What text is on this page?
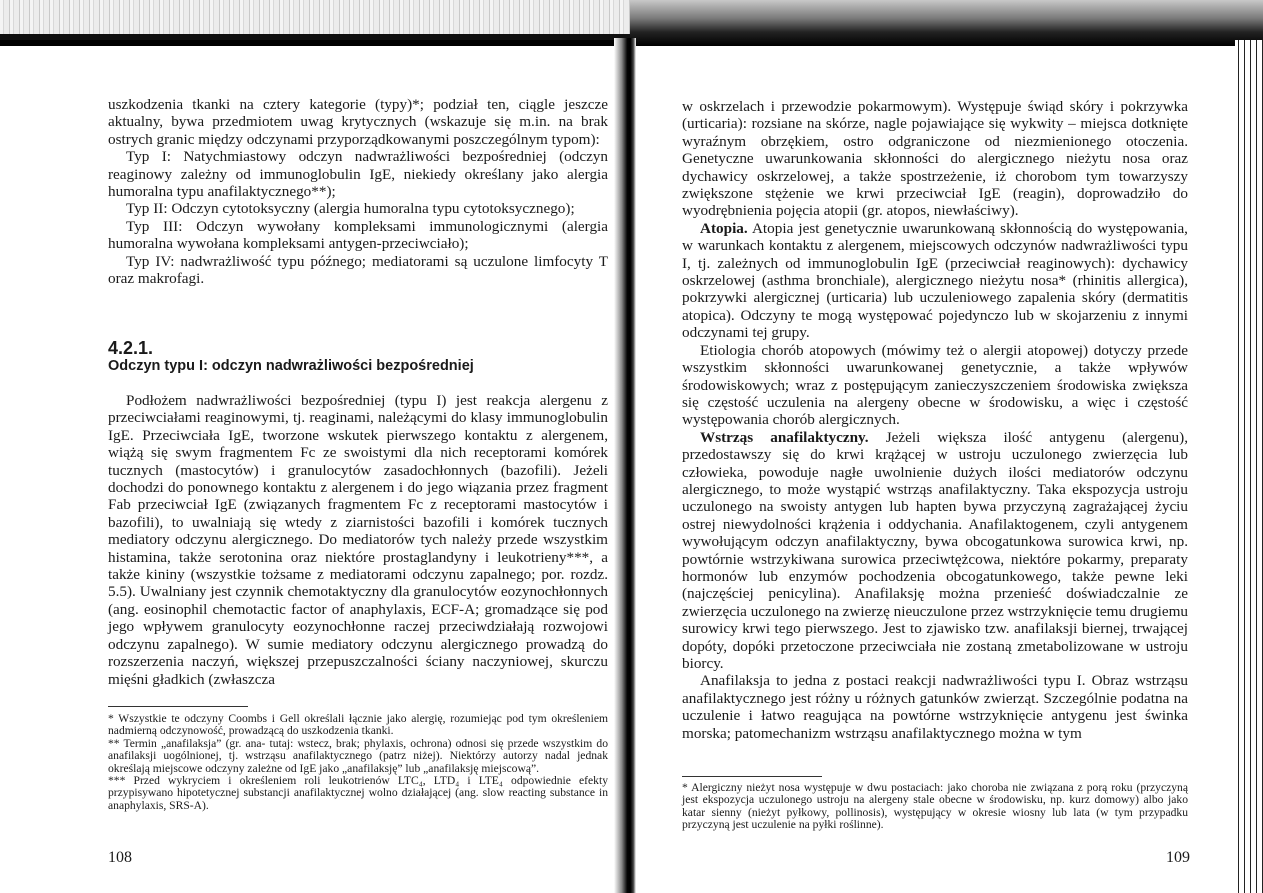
uszkodzenia tkanki na cztery kategorie (typy)*; podział ten, ciągle jeszcze aktualny, bywa przedmiotem uwag krytycznych (wskazuje się m.in. na brak ostrych granic między odczynami przyporządkowanymi poszczególnym typom):

Typ I: Natychmiastowy odczyn nadwrażliwości bezpośredniej (odczyn reaginowy zależny od immunoglobulin IgE, niekiedy określany jako alergia humoralna typu anafilaktycznego**);

Typ II: Odczyn cytotoksyczny (alergia humoralna typu cytotoksycznego);

Typ III: Odczyn wywołany kompleksami immunologicznymi (alergia humoralna wywołana kompleksami antygen-przeciwciało);

Typ IV: nadwrażliwość typu późnego; mediatorami są uczulone limfocyty T oraz makrofagi.

Podłożem nadwrażliwości bezpośredniej (typu I) jest reakcja alergenu z przeciwciałami reaginowymi, tj. reaginami, należącymi do klasy immunoglobulin IgE. Przeciwciała IgE, tworzone wskutek pierwszego kontaktu z alergenem, wiążą się swym fragmentem Fc ze swoistymi dla nich receptorami komórek tucznych (mastocytów) i granulocytów zasadochłonnych (bazofili). Jeżeli dochodzi do ponownego kontaktu z alergenem i do jego wiązania przez fragment Fab przeciwciał IgE (związanych fragmentem Fc z receptorami mastocytów i bazofili), to uwalniają się wtedy z ziarnistości bazofili i komórek tucznych mediatory odczynu alergicznego. Do mediatorów tych należy przede wszystkim histamina, także serotonina oraz niektóre prostaglandyny i leukotrieny***, a także kininy (wszystkie tożsame z mediatorami odczynu zapalnego; por. rozdz. 5.5). Uwalniany jest czynnik chemotaktyczny dla granulocytów eozynochłonnych (ang. eosinophil chemotactic factor of anaphylaxis, ECF-A; gromadzące się pod jego wpływem granulocyty eozynochłonne raczej przeciwdziałają rozwojowi odczynu zapalnego). W sumie mediatory odczynu alergicznego prowadzą do rozszerzenia naczyń, większej przepuszczalności ściany naczyniowej, skurczu mięśni gładkich (zwłaszcza

4.2.1.
Odczyn typu I: odczyn nadwrażliwości bezpośredniej

* Wszystkie te odczyny Coombs i Gell określali łącznie jako alergię, rozumiejąc pod tym określeniem nadmierną odczynowość, prowadzącą do uszkodzenia tkanki.

** Termin „anafilaksja” (gr. ana- tutaj: wstecz, brak; phylaxis, ochrona) odnosi się przede wszystkim do anafilaksji uogólnionej, tj. wstrząsu anafilaktycznego (patrz niżej). Niektórzy autorzy nadal jednak określają miejscowe odczyny zależne od IgE jako „anafilaksję” lub „anafilaksję miejscową”.

*** Przed wykryciem i określeniem roli leukotrienów LTC₄, LTD₄ i LTE₄ odpowiednie efekty przypisywano hipotetycznej substancji anafilaktycznej wolno działającej (ang. slow reacting substance in anaphylaxis, SRS-A).

108

w oskrzelach i przewodzie pokarmowym). Występuje świąd skóry i pokrzywka (urticaria): rozsiane na skórze, nagle pojawiające się wykwity – miejsca dotknięte wyraźnym obrzękiem, ostro odgraniczone od niezmienionego otoczenia. Genetyczne uwarunkowania skłonności do alergicznego nieżytu nosa oraz dychawicy oskrzelowej, a także spostrzeżenie, iż chorobom tym towarzyszy zwiększone stężenie we krwi przeciwciał IgE (reagin), doprowadziło do wyodrębnienia pojęcia atopii (gr. atopos, niewłaściwy).

Atopia. Atopia jest genetycznie uwarunkowaną skłonnością do występowania, w warunkach kontaktu z alergenem, miejscowych odczynów nadwrażliwości typu I, tj. zależnych od immunoglobulin IgE (przeciwciał reaginowych): dychawicy oskrzelowej (asthma bronchiale), alergicznego nieżytu nosa* (rhinitis allergica), pokrzywki alergicznej (urticaria) lub uczuleniowego zapalenia skóry (dermatitis atopica). Odczyny te mogą występować pojedynczo lub w skojarzeniu z innymi odczynami tej grupy.

Etiologia chorób atopowych (mówimy też o alergii atopowej) dotyczy przede wszystkim skłonności uwarunkowanej genetycznie, a także wpływów środowiskowych; wraz z postępującym zanieczyszczeniem środowiska zwiększa się częstość uczulenia na alergeny obecne w środowisku, a więc i częstość występowania chorób alergicznych.

Wstrząs anafilaktyczny. Jeżeli większa ilość antygenu (alergenu), przedostawszy się do krwi krążącej w ustroju uczulonego zwierzęcia lub człowieka, powoduje nagłe uwolnienie dużych ilości mediatorów odczynu alergicznego, to może wystąpić wstrząs anafilaktyczny. Taka ekspozycja ustroju uczulonego na swoisty antygen lub hapten bywa przyczyną zagrażającej życiu ostrej niewydolności krążenia i oddychania. Anafilaktogenem, czyli antygenem wywołującym odczyn anafilaktyczny, bywa obcogatunkowa surowica krwi, np. powtórnie wstrzykiwana surowica przeciwtężcowa, niektóre pokarmy, preparaty hormonów lub enzymów pochodzenia obcogatunkowego, także pewne leki (najczęściej penicylina). Anafilaksję można przenieść doświadczalnie ze zwierzęcia uczulonego na zwierzę nieuczulone przez wstrzyknięcie temu drugiemu surowicy krwi tego pierwszego. Jest to zjawisko tzw. anafilaksji biernej, trwającej dopóty, dopóki przetoczone przeciwciała nie zostaną zmetabolizowane w ustroju biorcy.

Anafilaksja to jedna z postaci reakcji nadwrażliwości typu I. Obraz wstrząsu anafilaktycznego jest różny u różnych gatunków zwierząt. Szczególnie podatna na uczulenie i łatwo reagująca na powtórne wstrzyknięcie antygenu jest świnka morska; patomechanizm wstrząsu anafilaktycznego można w tym

* Alergiczny nieżyt nosa występuje w dwu postaciach: jako choroba nie związana z porą roku (przyczyną jest ekspozycja uczulonego ustroju na alergeny stale obecne w środowisku, np. kurz domowy) albo jako katar sienny (nieżyt pyłkowy, pollinosis), występujący w okresie wiosny lub lata (w tym przypadku przyczyną jest uczulenie na pyłki roślinne).

109
